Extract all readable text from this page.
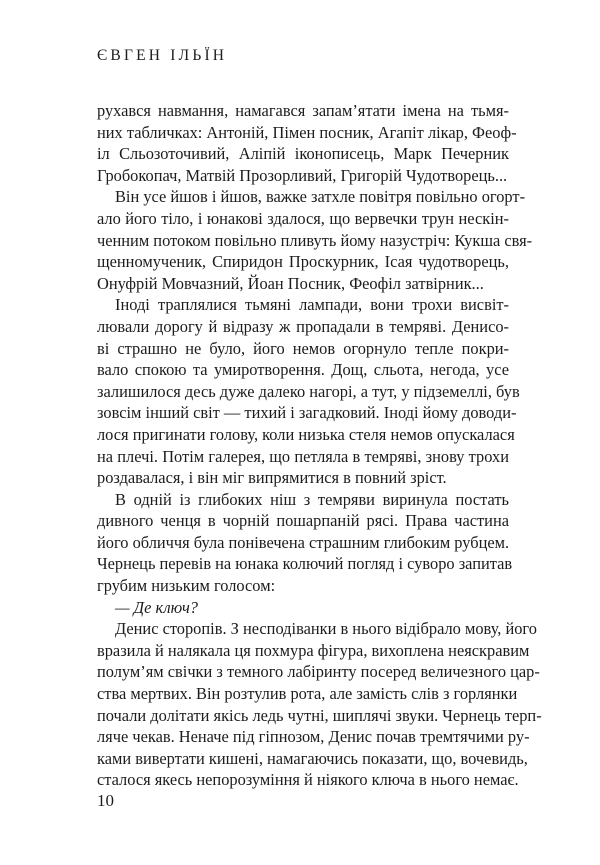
ЄВГЕН ІЛЬЇН

рухався навмання, намагався запам’ятати імена на тьмя-
них табличках: Антоній, Пімен посник, Агапіт лікар, Феоф-
іл Сльозоточивий, Аліпій іконописець, Марк Печерник
Гробокопач, Матвій Прозорливий, Григорій Чудотворець...

Він усе йшов і йшов, важке затхле повітря повільно огорт-
ало його тіло, і юнакові здалося, що вервечки трун нескін-
ченним потоком повільно пливуть йому назустріч: Кукша свя-
щенномученик, Спиридон Проскурник, Ісая чудотворець,
Онуфрій Мовчазний, Йоан Посник, Феофіл затвірник...

Іноді траплялися тьмяні лампади, вони трохи висвіт-
лювали дорогу й відразу ж пропадали в темряві. Денисо-
ві страшно не було, його немов огорнуло тепле покри-
вало спокою та умиротворення. Дощ, сльота, негода, усе
залишилося десь дуже далеко нагорі, а тут, у підземеллі, був
зовсім інший світ — тихий і загадковий. Іноді йому доводи-
лося пригинати голову, коли низька стеля немов опускалася
на плечі. Потім галерея, що петляла в темряві, знову трохи
роздавалася, і він міг випрямитися в повний зріст.

В одній із глибоких ніш з темряви виринула постать
дивного ченця в чорній пошарпаній рясі. Права частина
його обличчя була понівечена страшним глибоким рубцем.
Чернець перевів на юнака колючий погляд і суворо запитав
грубим низьким голосом:

— Де ключ?

Денис сторопів. З несподіванки в нього відібрало мову, його
вразила й налякала ця похмура фігура, вихоплена неяскравим
полум’ям свічки з темного лабіринту посеред величезного цар-
ства мертвих. Він розтулив рота, але замість слів з горлянки
почали долітати якісь ледь чутні, шиплячі звуки. Чернець терп-
ляче чекав. Неначе під гіпнозом, Денис почав тремтячими ру-
ками вивертати кишені, намагаючись показати, що, вочевидь,
сталося якесь непорозуміння й ніякого ключа в нього немає.

10
